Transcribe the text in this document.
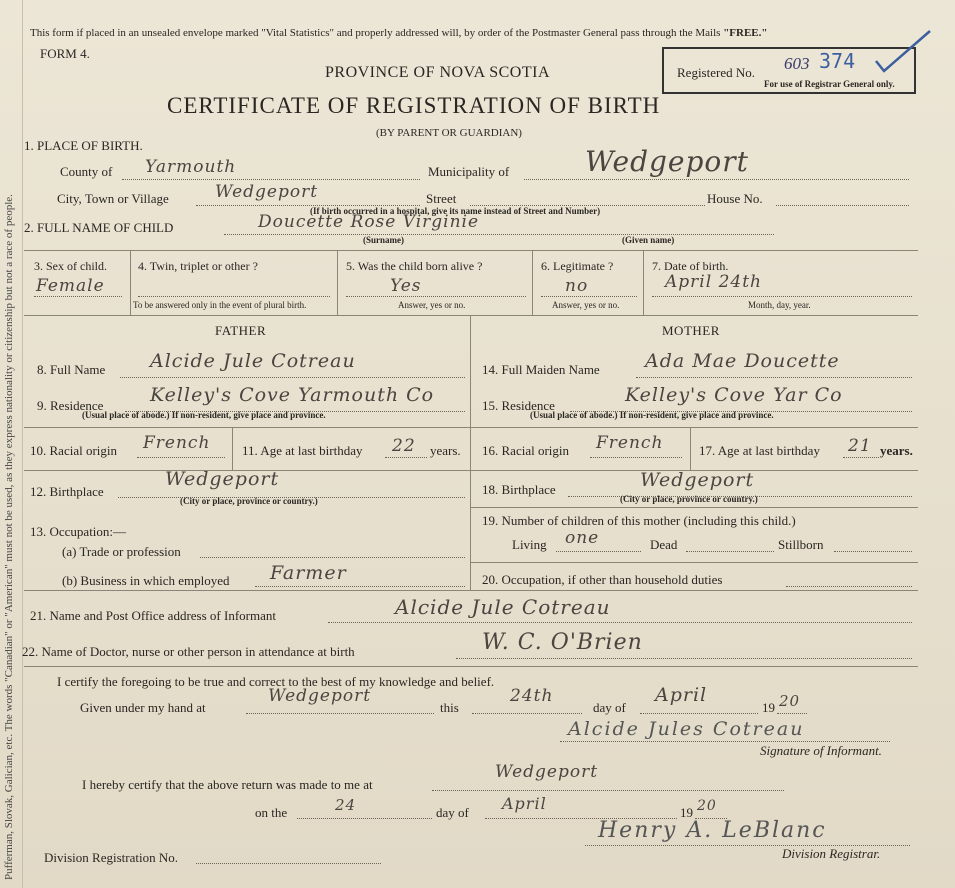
Pufferman, Slovak, Galician, etc. The words "Canadian" or "American" must not be used, as they express nationality or citizenship but not a race of people.
This form if placed in an unsealed envelope marked "Vital Statistics" and properly addressed will, by order of the Postmaster General pass through the Mails "FREE."
FORM 4.
PROVINCE OF NOVA SCOTIA
CERTIFICATE OF REGISTRATION OF BIRTH
(BY PARENT OR GUARDIAN)
Registered No. 603 374
For use of Registrar General only.
1. PLACE OF BIRTH.
County of Yarmouth	Municipality of	Wedgeport
City, Town or Village	Wedgeport	Street	House No.
(If birth occurred in a hospital, give its name instead of Street and Number)
2. FULL NAME OF CHILD	Doucette Rose Virginie
(Surname)	(Given name)
3. Sex of child.
Female
4. Twin, triplet or other ?
To be answered only in the event of plural birth.
5. Was the child born alive ?
Yes
Answer, yes or no.
6. Legitimate ?
no
Answer, yes or no.
7. Date of birth.
April 24th
Month, day, year.
FATHER	MOTHER
8. Full Name Alcide Jule Cotreau
9. Residence Kelley's Cove Yarmouth Co
(Usual place of abode.) If non-resident, give place and province.
10. Racial origin French 11. Age at last birthday 22 years.
12. Birthplace
Wedgeport
(City or place, province or country.)
13. Occupation:—
(a) Trade or profession
(b) Business in which employed Farmer
14. Full Maiden Name Ada Mae Doucette
15. Residence	Kelley's Cove Yar Co
(Usual place of abode.) If non-resident, give place and province.
16. Racial origin French	17. Age at last birthday 21 years.
18. Birthplace	Wedgeport
(City or place, province or country.)
19. Number of children of this mother (including this child.)
Living one	Dead	Stillborn
20. Occupation, if other than household duties
21. Name and Post Office address of Informant	Alcide Jule Cotreau
22. Name of Doctor, nurse or other person in attendance at birth	W. C. O'Brien
I certify the foregoing to be true and correct to the best of my knowledge and belief.
Given under my hand at
Wedgeport
this
24th
day of
April
19 20
Alcide Jules Cotreau
Signature of Informant.
I hereby certify that the above return was made to me at
Wedgeport
on the	24	day of April	19 20
Henry A. LeBlanc
Division Registrar.
Division Registration No.
